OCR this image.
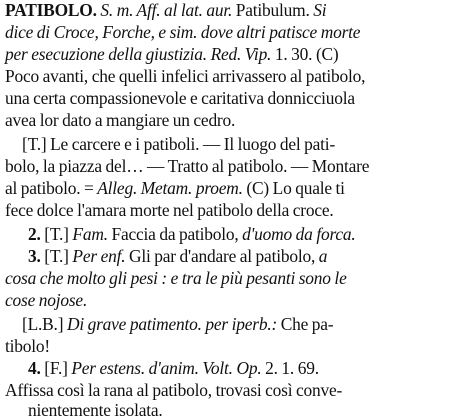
PATIBOLO. S. m. Aff. al lat. aur. Patibulum. Si
dice di Croce, Forche, e sim. dove altri patisce morte
per esecuzione della giustizia. Red. Vip. 1. 30. (C)
Poco avanti, che quelli infelici arrivassero al patibolo,
una certa compassionevole e caritativa donnicciuola
avea lor dato a mangiare un cedro.
[T.] Le carcere e i patiboli. — Il luogo del pati-
bolo, la piazza del… — Tratto al patibolo. — Montare
al patibolo. = Alleg. Metam. proem. (C) Lo quale ti
fece dolce l'amara morte nel patibolo della croce.
2. [T.] Fam. Faccia da patibolo, d'uomo da forca.
3. [T.] Per enf. Gli par d'andare al patibolo, a
cosa che molto gli pesi : e tra le più pesanti sono le
cose nojose.
[L.B.] Di grave patimento. per iperb.: Che pa-
tibolo!
4. [F.] Per estens. d'anim. Volt. Op. 2. 1. 69.
Affissa così la rana al patibolo, trovasi così conve-
nientemente isolata.
